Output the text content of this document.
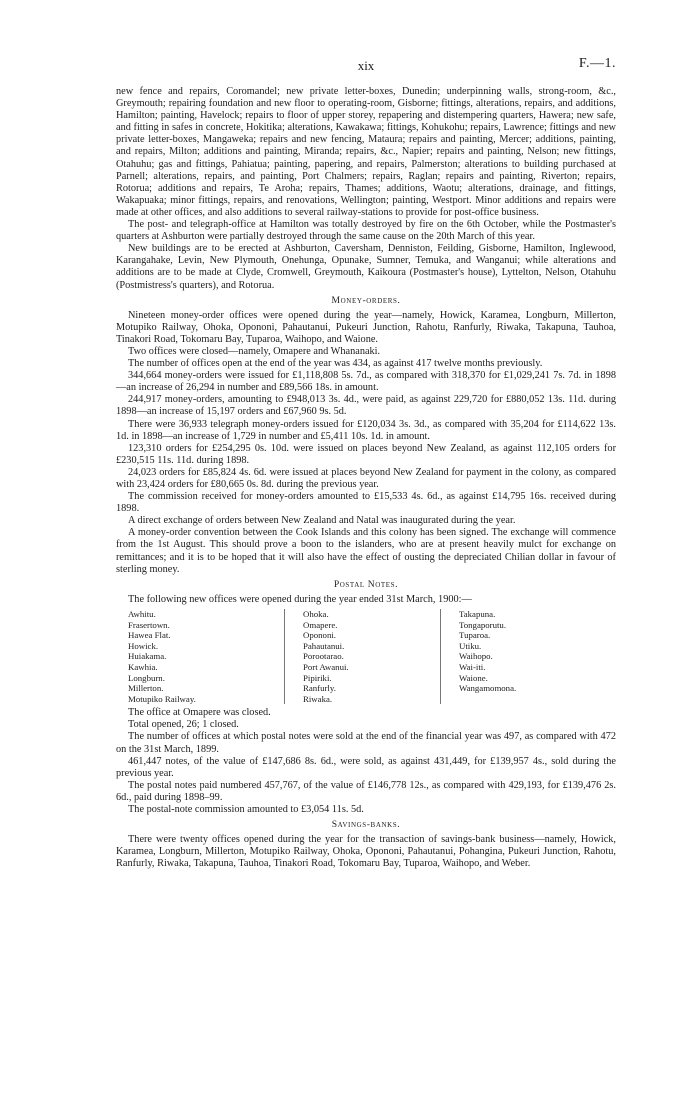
xix	F.—1.

new fence and repairs, Coromandel; new private letter-boxes, Dunedin; underpinning walls, strong-room, &c., Greymouth; repairing foundation and new floor to operating-room, Gisborne; fittings, alterations, repairs, and additions, Hamilton; painting, Havelock; repairs to floor of upper storey, repapering and distempering quarters, Hawera; new safe, and fitting in safes in concrete, Hokitika; alterations, Kawakawa; fittings, Kohukohu; repairs, Lawrence; fittings and new private letter-boxes, Mangaweka; repairs and new fencing, Mataura; repairs and painting, Mercer; additions, painting, and repairs, Milton; additions and painting, Miranda; repairs, &c., Napier; repairs and painting, Nelson; new fittings, Otahuhu; gas and fittings, Pahiatua; painting, papering, and repairs, Palmerston; alterations to building purchased at Parnell; alterations, repairs, and painting, Port Chalmers; repairs, Raglan; repairs and painting, Riverton; repairs, Rotorua; additions and repairs, Te Aroha; repairs, Thames; additions, Waotu; alterations, drainage, and fittings, Wakapuaka; minor fittings, repairs, and renovations, Wellington; painting, Westport. Minor additions and repairs were made at other offices, and also additions to several railway-stations to provide for post-office business.

The post- and telegraph-office at Hamilton was totally destroyed by fire on the 6th October, while the Postmaster's quarters at Ashburton were partially destroyed through the same cause on the 20th March of this year.

New buildings are to be erected at Ashburton, Caversham, Denniston, Feilding, Gisborne, Hamilton, Inglewood, Karangahake, Levin, New Plymouth, Onehunga, Opunake, Sumner, Temuka, and Wanganui; while alterations and additions are to be made at Clyde, Cromwell, Greymouth, Kaikoura (Postmaster's house), Lyttelton, Nelson, Otahuhu (Postmistress's quarters), and Rotorua.

Money-orders.

Nineteen money-order offices were opened during the year—namely, Howick, Karamea, Longburn, Millerton, Motupiko Railway, Ohoka, Opononi, Pahautanui, Pukeuri Junction, Rahotu, Ranfurly, Riwaka, Takapuna, Tauhoa, Tinakori Road, Tokomaru Bay, Tuparoa, Waihopo, and Waione.

Two offices were closed—namely, Omapere and Whananaki.

The number of offices open at the end of the year was 434, as against 417 twelve months previously.

344,664 money-orders were issued for £1,118,808 5s. 7d., as compared with 318,370 for £1,029,241 7s. 7d. in 1898—an increase of 26,294 in number and £89,566 18s. in amount.

244,917 money-orders, amounting to £948,013 3s. 4d., were paid, as against 229,720 for £880,052 13s. 11d. during 1898—an increase of 15,197 orders and £67,960 9s. 5d.

There were 36,933 telegraph money-orders issued for £120,034 3s. 3d., as compared with 35,204 for £114,622 13s. 1d. in 1898—an increase of 1,729 in number and £5,411 10s. 1d. in amount.

123,310 orders for £254,295 0s. 10d. were issued on places beyond New Zealand, as against 112,105 orders for £230,515 11s. 11d. during 1898.

24,023 orders for £85,824 4s. 6d. were issued at places beyond New Zealand for payment in the colony, as compared with 23,424 orders for £80,665 0s. 8d. during the previous year.

The commission received for money-orders amounted to £15,533 4s. 6d., as against £14,795 16s. received during 1898.

A direct exchange of orders between New Zealand and Natal was inaugurated during the year.

A money-order convention between the Cook Islands and this colony has been signed. The exchange will commence from the 1st August. This should prove a boon to the islanders, who are at present heavily mulct for exchange on remittances; and it is to be hoped that it will also have the effect of ousting the depreciated Chilian dollar in favour of sterling money.

Postal Notes.

The following new offices were opened during the year ended 31st March, 1900:—

Awhitu.
Frasertown.
Hawea Flat.
Howick.
Huiakama.
Kawhia.
Longburn.
Millerton.
Motupiko Railway.
Ohoka.
Omapere.
Opononi.
Pahautanui.
Porootarao.
Port Awanui.
Pipiriki.
Ranfurly.
Riwaka.
Takapuna.
Tongaporutu.
Tuparoa.
Utiku.
Waihopo.
Wai-iti.
Waione.
Wangamomona.

The office at Omapere was closed.

Total opened, 26; 1 closed.

The number of offices at which postal notes were sold at the end of the financial year was 497, as compared with 472 on the 31st March, 1899.

461,447 notes, of the value of £147,686 8s. 6d., were sold, as against 431,449, for £139,957 4s., sold during the previous year.

The postal notes paid numbered 457,767, of the value of £146,778 12s., as compared with 429,193, for £139,476 2s. 6d., paid during 1898–99.

The postal-note commission amounted to £3,054 11s. 5d.

Savings-banks.

There were twenty offices opened during the year for the transaction of savings-bank business—namely, Howick, Karamea, Longburn, Millerton, Motupiko Railway, Ohoka, Opononi, Pahautanui, Pohangina, Pukeuri Junction, Rahotu, Ranfurly, Riwaka, Takapuna, Tauhoa, Tinakori Road, Tokomaru Bay, Tuparoa, Waihopo, and Weber.
